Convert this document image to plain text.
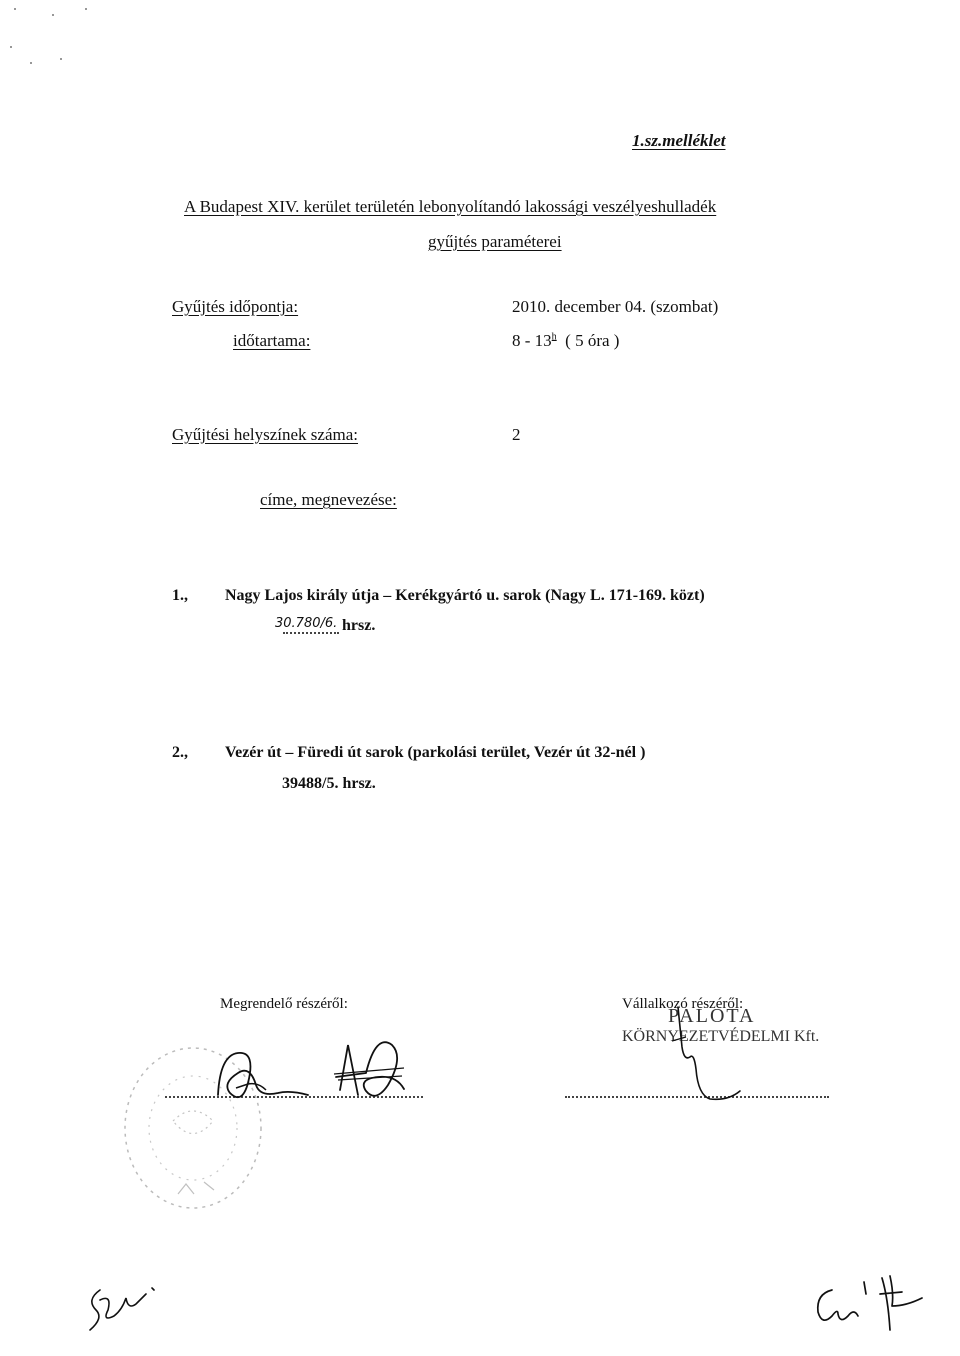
1.sz.melléklet
A Budapest XIV. kerület területén lebonyolítandó lakossági veszélyeshulladék
gyűjtés paraméterei
Gyűjtés időpontja:	2010. december 04. (szombat)
időtartama:	8 - 13$^h$ ( 5 óra )
Gyűjtési helyszínek száma:	2
címe, megnevezése:
1., Nagy Lajos király útja – Kerékgyártó u. sarok (Nagy L. 171-169. közt)
30.780/6. hrsz.
2., Vezér út – Füredi út sarok (parkolási terület, Vezér út 32-nél )
39488/5. hrsz.
Megrendelő részéről:	Vállalkozó részéről:
PALOTA
KÖRNYEZETVÉDELMI Kft.
